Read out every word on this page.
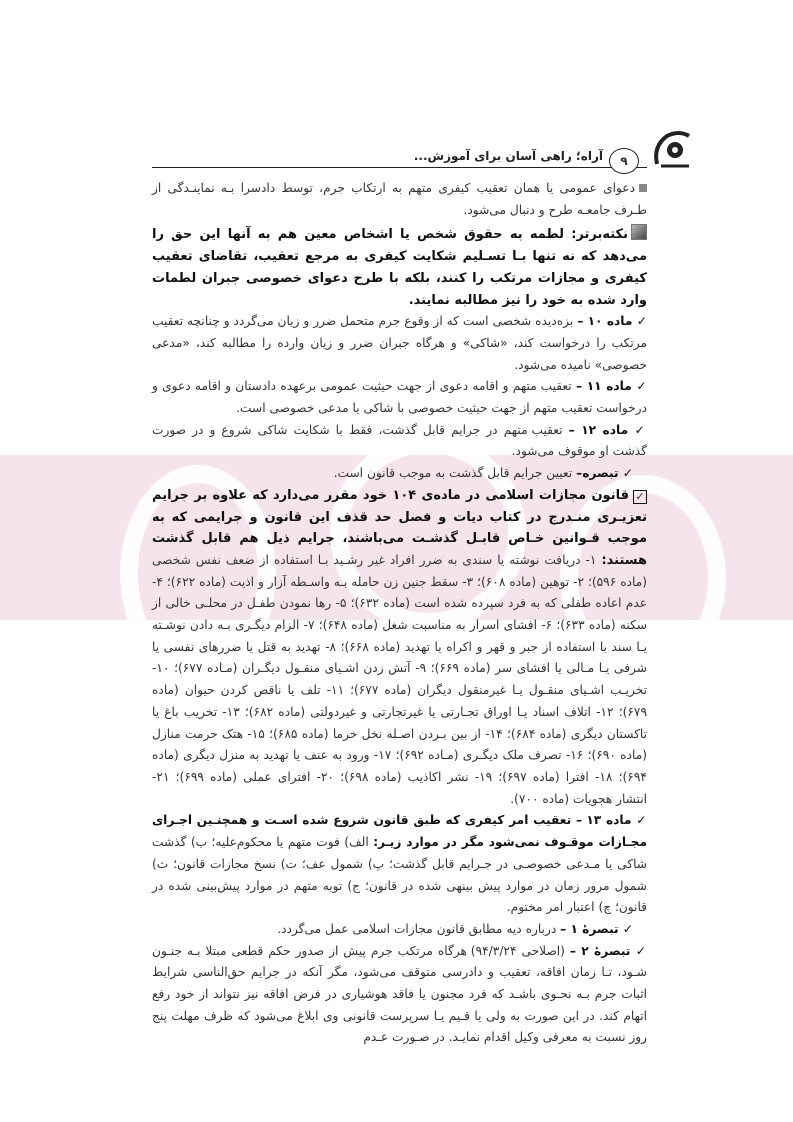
آراه؛ راهی آسان برای آموزش...	۹

دعوای عمومی یا همان تعقیب کیفری متهم به ارتکاب جرم، توسط دادسرا بـه نماینـدگی از طـرف جامعـه طرح و دنبال می‌شود.

نکته‌برتر: لطمه به حقوق شخص یا اشخاص معین هم به آنها این حق را می‌دهد که نه تنها بـا تسـلیم شکایت کیفری به مرجع تعقیب، تقاضای تعقیب کیفری و مجازات مرتکب را کنند، بلکه با طرح دعوای خصوصی جبران لطمات وارد شده به خود را نیز مطالبه نمایند.

✓ ماده ۱۰ – بزه‌دیده شخصی است که از وقوع جرم متحمل ضرر و زیان می‌گردد و چنانچه تعقیب مرتکب را درخواست کند، «شاکی» و هرگاه جبران ضرر و زیان وارده را مطالبه کند، «مدعی خصوصی» نامیده می‌شود.

✓ ماده ۱۱ – تعقیب متهم و اقامه دعوی از جهت حیثیت عمومی برعهده دادستان و اقامه دعوی و درخواست تعقیب متهم از جهت حیثیت خصوصی با شاکی یا مدعی خصوصی است.

✓ ماده ۱۲ – تعقیب متهم در جرایم قابل گذشت، فقط با شکایت شاکی شروع و در صورت گذشت او موقوف می‌شود.

✓ تبصره– تعیین جرایم قابل گذشت به موجب قانون است.

✓قانون مجازات اسلامی در ماده‌ی ۱۰۴ خود مقرر می‌دارد که علاوه بر جرایم تعزیـری منـدرج در کتاب دیات و فصل حد قذف این قانون و جرایمی که به موجب قـوانین خـاص قابـل گذشـت می‌باشند، جرایم ذیل هم قابل گذشت هستند: ۱- دریافت نوشته یا سندی به ضرر افراد غیر رشـید بـا استفاده از ضعف نفس شخصی (ماده ۵۹۶)؛ ۲- توهین (ماده ۶۰۸)؛ ۳- سقط جنین زن حامله بـه واسـطه آزار و اذیت (ماده ۶۲۲)؛ ۴- عدم اعاده طفلی که به فرد سپرده شده است (ماده ۶۳۲)؛ ۵- رها نمودن طفـل در محلـی خالی از سکنه (ماده ۶۳۳)؛ ۶- افشای اسرار به مناسبت شغل (ماده ۶۴۸)؛ ۷- الزام دیگـری بـه دادن نوشـته یـا سند با استفاده از جبر و قهر و اکراه یا تهدید (ماده ۶۶۸)؛ ۸- تهدید به قتل یا ضررهای نفسی یا شرفی یـا مـالی یا افشای سر (ماده ۶۶۹)؛ ۹- آتش زدن اشـیای منقـول دیگـران (مـاده ۶۷۷)؛ ۱۰- تخریـب اشـیای منقـول یـا غیرمنقول دیگران (ماده ۶۷۷)؛ ۱۱- تلف یا ناقص کردن حیوان (ماده ۶۷۹)؛ ۱۲- اتلاف اسناد یـا اوراق تجـارتی یا غیرتجارتی و غیردولتی (ماده ۶۸۲)؛ ۱۳- تخریب باغ یا تاکستان دیگری (ماده ۶۸۴)؛ ۱۴- از بین بـردن اصـله نخل خرما (ماده ۶۸۵)؛ ۱۵- هتک حرمت منازل (ماده ۶۹۰)؛ ۱۶- تصرف ملک دیگـری (مـاده ۶۹۲)؛ ۱۷- ورود به عنف یا تهدید به منزل دیگری (ماده ۶۹۴)؛ ۱۸- افترا (ماده ۶۹۷)؛ ۱۹- نشر اکاذیب (ماده ۶۹۸)؛ ۲۰- افترای عملی (ماده ۶۹۹)؛ ۲۱- انتشار هجویات (ماده ۷۰۰).

✓ ماده ۱۳ – تعقیب امر کیفری که طبق قانون شروع شده اسـت و همچنـین اجـرای مجـازات موقـوف نمی‌شود مگر در موارد زیـر: الف) فوت متهم یا محکوم‌علیه؛ ب) گذشت شاکی یا مـدعی خصوصـی در جـرایم قابل گذشت؛ پ) شمول عف؛ ت) نسخ مجازات قانون؛ ث) شمول مرور زمان در موارد پیش بینهی شده در قانون؛ ج) توبه متهم در موارد پیش‌بینی شده در قانون؛ چ) اعتبار امر مختوم.

✓ تبصرهٔ ۱ – درباره دیه مطابق قانون مجازات اسلامی عمل می‌گردد.

✓ تبصرهٔ ۲ – (اصلاحی ۹۴/۳/۲۴) هرگاه مرتکب جرم پیش از صدور حکم قطعی مبتلا بـه جنـون شـود، تـا زمان افاقه، تعقیب و دادرسی متوقف می‌شود، مگر آنکه در جرایم حق‌الناسی شرایط اثبات جرم بـه نحـوی باشـد که فرد مجنون یا فاقد هوشیاری در فرض افاقه نیز نتواند از خود رفع اتهام کند. در این صورت به ولی یا قـیم یـا سرپرست قانونی وی ابلاغ می‌شود که ظرف مهلت پنج روز نسبت به معرفی وکیل اقدام نمایـد. در صـورت عـدم
